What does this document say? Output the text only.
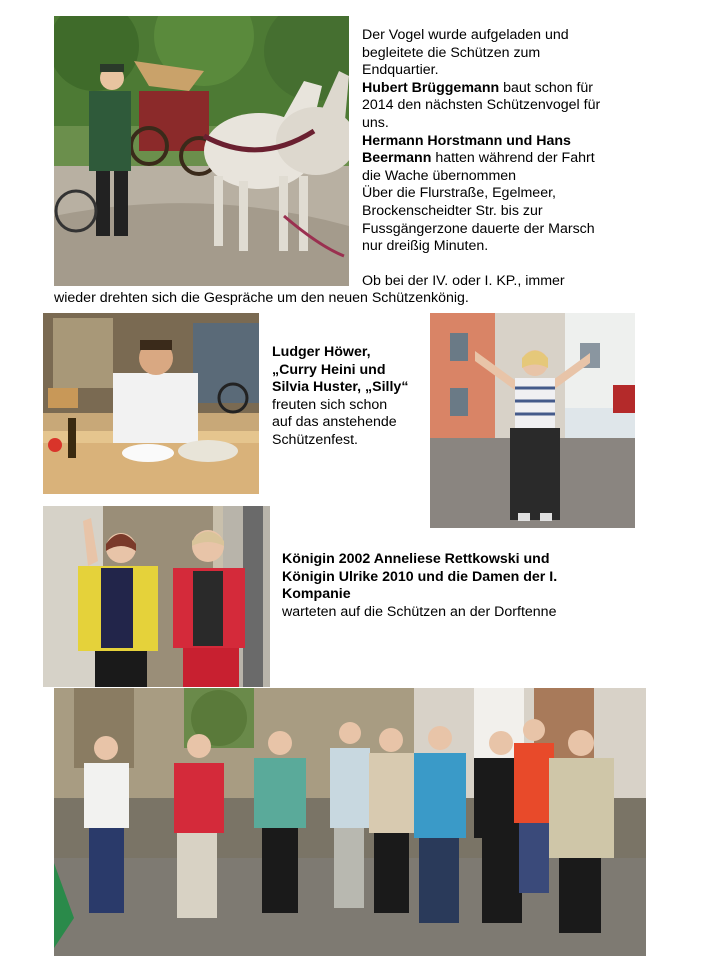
Der Vogel wurde aufgeladen und

begleitete die Schützen zum

Endquartier.

Hubert Brüggemann baut schon für

2014 den nächsten Schützenvogel für

uns.

Hermann Horstmann und Hans

Beermann hatten während der Fahrt

die Wache übernommen

Über die Flurstraße, Egelmeer,

Brockenscheidter Str. bis zur

Fussgängerzone dauerte der Marsch

nur dreißig Minuten.

Ob bei der IV. oder I. KP., immer
wieder drehten sich die Gespräche um den neuen Schützenkönig.

Ludger Höwer,

„Curry Heini und

Silvia Huster, „Silly“

freuten sich schon

auf das anstehende

Schützenfest.

Königin 2002 Anneliese Rettkowski und

Königin Ulrike 2010 und die Damen der I.

Kompanie

warteten auf die Schützen an der Dorftenne
